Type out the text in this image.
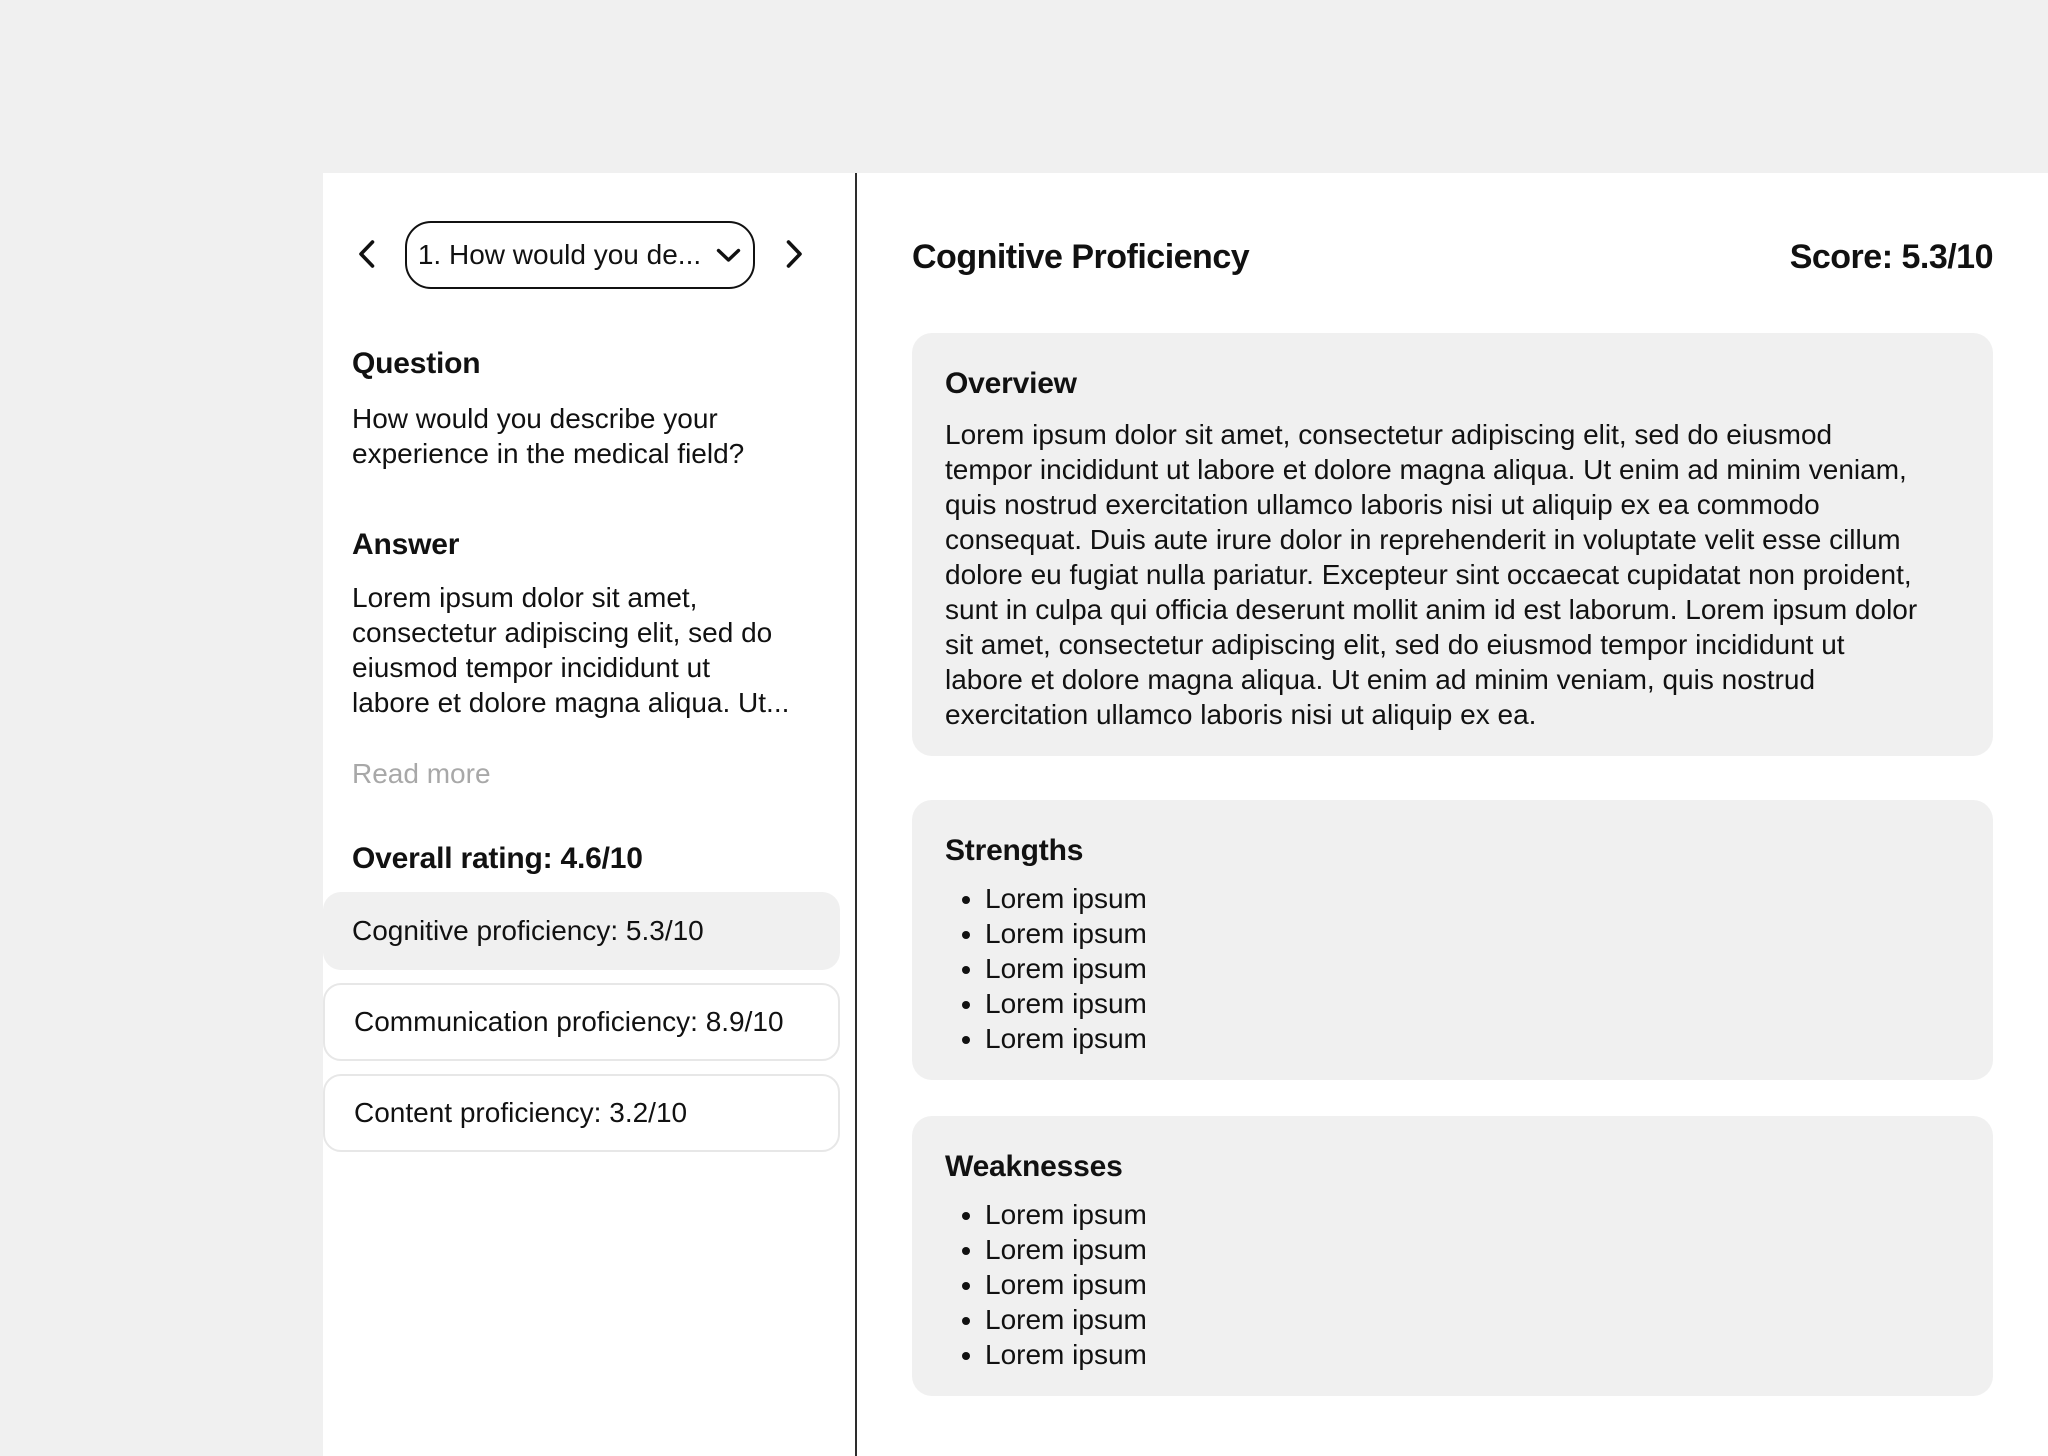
1. How would you de...
Question

How would you describe your experience in the medical field?

Answer

Lorem ipsum dolor sit amet, consectetur adipiscing elit, sed do eiusmod tempor incididunt ut labore et dolore magna aliqua. Ut...

Read more
Overall rating: 4.6/10
Cognitive proficiency: 5.3/10
Communication proficiency: 8.9/10
Content proficiency: 3.2/10
Cognitive Proficiency	Score: 5.3/10
Overview

Lorem ipsum dolor sit amet, consectetur adipiscing elit, sed do eiusmod tempor incididunt ut labore et dolore magna aliqua. Ut enim ad minim veniam, quis nostrud exercitation ullamco laboris nisi ut aliquip ex ea commodo consequat. Duis aute irure dolor in reprehenderit in voluptate velit esse cillum dolore eu fugiat nulla pariatur. Excepteur sint occaecat cupidatat non proident, sunt in culpa qui officia deserunt mollit anim id est laborum. Lorem ipsum dolor sit amet, consectetur adipiscing elit, sed do eiusmod tempor incididunt ut labore et dolore magna aliqua. Ut enim ad minim veniam, quis nostrud exercitation ullamco laboris nisi ut aliquip ex ea.

Strengths
• Lorem ipsum
• Lorem ipsum
• Lorem ipsum
• Lorem ipsum
• Lorem ipsum
Weaknesses
• Lorem ipsum
• Lorem ipsum
• Lorem ipsum
• Lorem ipsum
• Lorem ipsum
